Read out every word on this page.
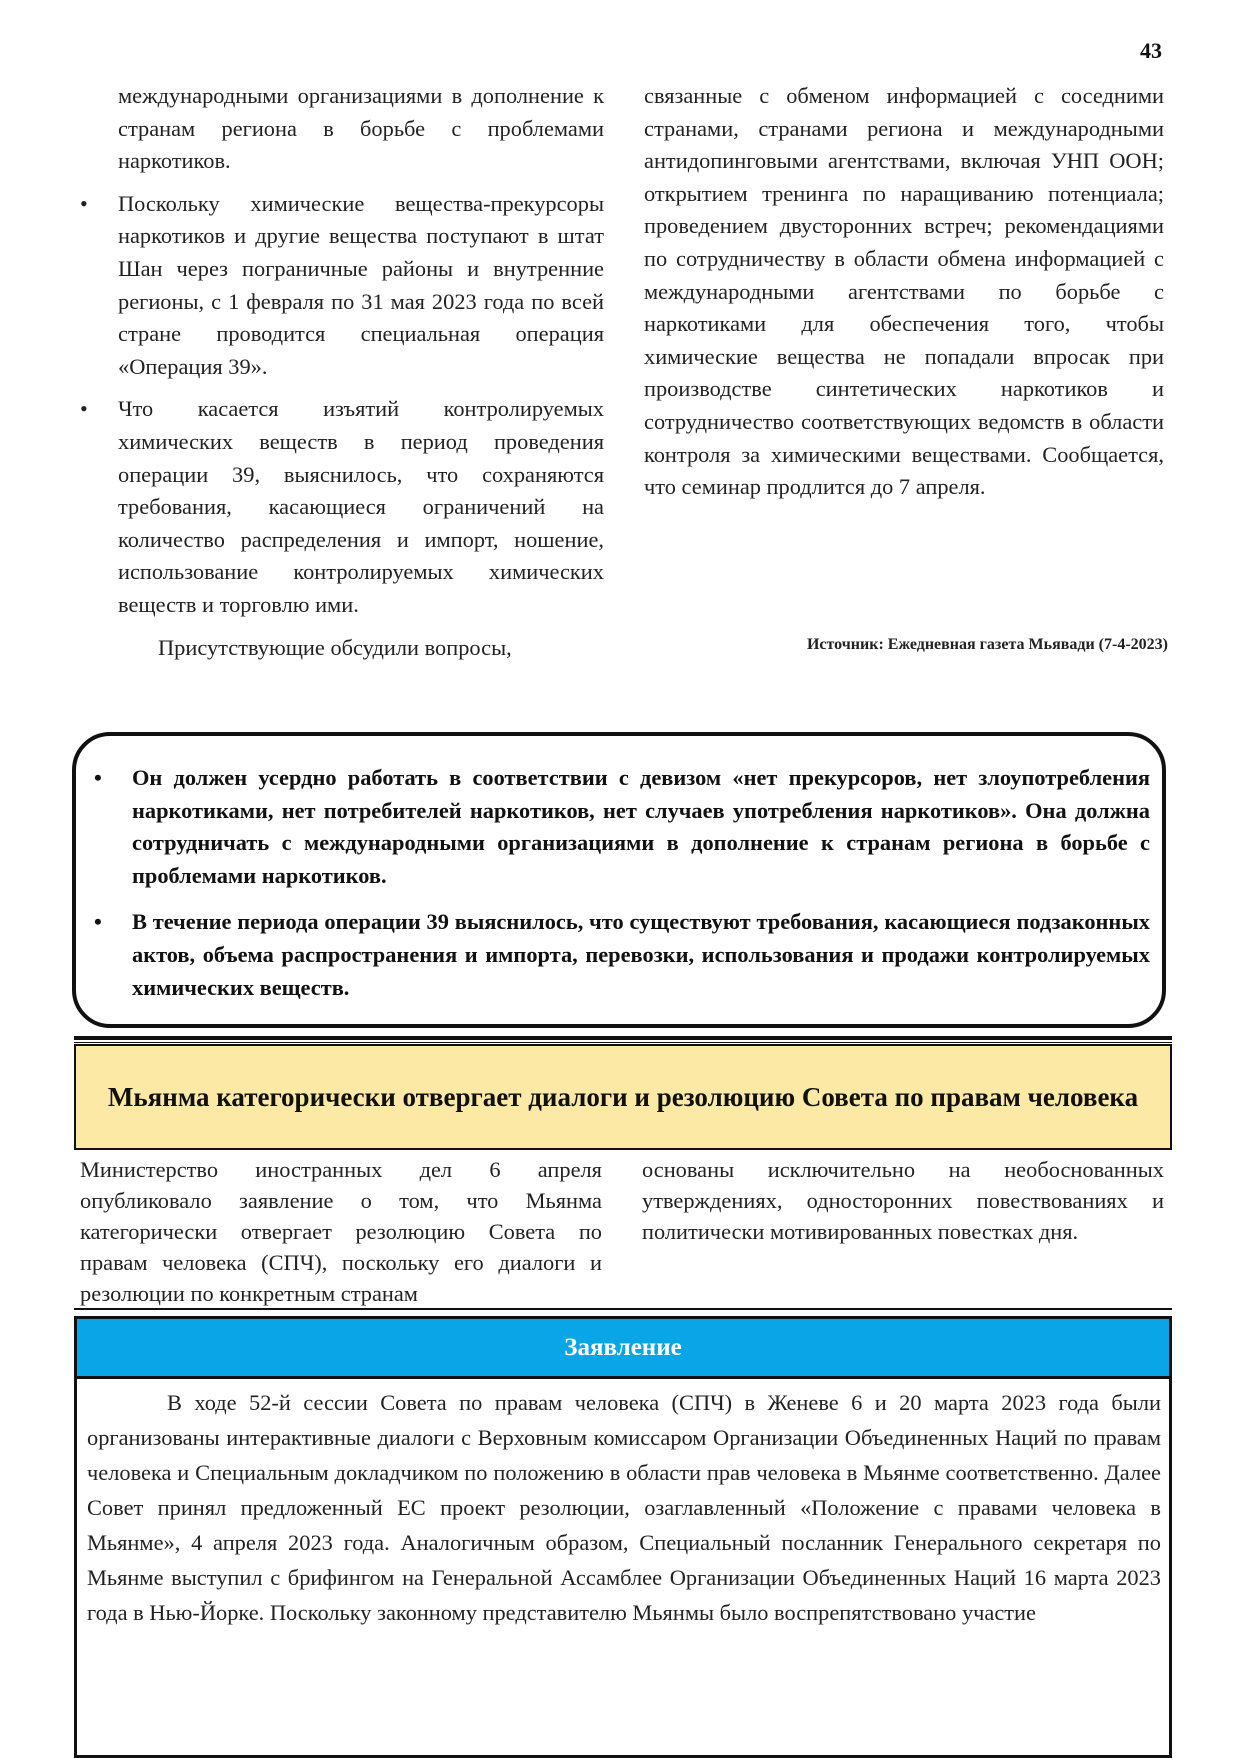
43

международными организациями в дополнение к странам региона в борьбе с проблемами наркотиков.

• Поскольку химические вещества-прекурсоры наркотиков и другие вещества поступают в штат Шан через пограничные районы и внутренние регионы, с 1 февраля по 31 мая 2023 года по всей стране проводится специальная операция «Операция 39».
• Что касается изъятий контролируемых химических веществ в период проведения операции 39, выяснилось, что сохраняются требования, касающиеся ограничений на количество распределения и импорт, ношение, использование контролируемых химических веществ и торговлю ими.

Присутствующие обсудили вопросы,

связанные с обменом информацией с соседними странами, странами региона и международными антидопинговыми агентствами, включая УНП ООН; открытием тренинга по наращиванию потенциала; проведением двусторонних встреч; рекомендациями по сотрудничеству в области обмена информацией с международными агентствами по борьбе с наркотиками для обеспечения того, чтобы химические вещества не попадали впросак при производстве синтетических наркотиков и сотрудничество соответствующих ведомств в области контроля за химическими веществами. Сообщается, что семинар продлится до 7 апреля.

Источник: Ежедневная газета Мьявади (7-4-2023)
• Он должен усердно работать в соответствии с девизом «нет прекурсоров, нет злоупотребления наркотиками, нет потребителей наркотиков, нет случаев употребления наркотиков». Она должна сотрудничать с международными организациями в дополнение к странам региона в борьбе с проблемами наркотиков.
• В течение периода операции 39 выяснилось, что существуют требования, касающиеся подзаконных актов, объема распространения и импорта, перевозки, использования и продажи контролируемых химических веществ.
Мьянма категорически отвергает диалоги и резолюцию Совета по правам человека

Министерство иностранных дел 6 апреля опубликовало заявление о том, что Мьянма категорически отвергает резолюцию Совета по правам человека (СПЧ), поскольку его диалоги и резолюции по конкретным странам

основаны исключительно на необоснованных утверждениях, односторонних повествованиях и политически мотивированных повестках дня.

Заявление

В ходе 52-й сессии Совета по правам человека (СПЧ) в Женеве 6 и 20 марта 2023 года были организованы интерактивные диалоги с Верховным комиссаром Организации Объединенных Наций по правам человека и Специальным докладчиком по положению в области прав человека в Мьянме соответственно. Далее Совет принял предложенный ЕС проект резолюции, озаглавленный «Положение с правами человека в Мьянме», 4 апреля 2023 года. Аналогичным образом, Специальный посланник Генерального секретаря по Мьянме выступил с брифингом на Генеральной Ассамблее Организации Объединенных Наций 16 марта 2023 года в Нью-Йорке. Поскольку законному представителю Мьянмы было воспрепятствовано участие
